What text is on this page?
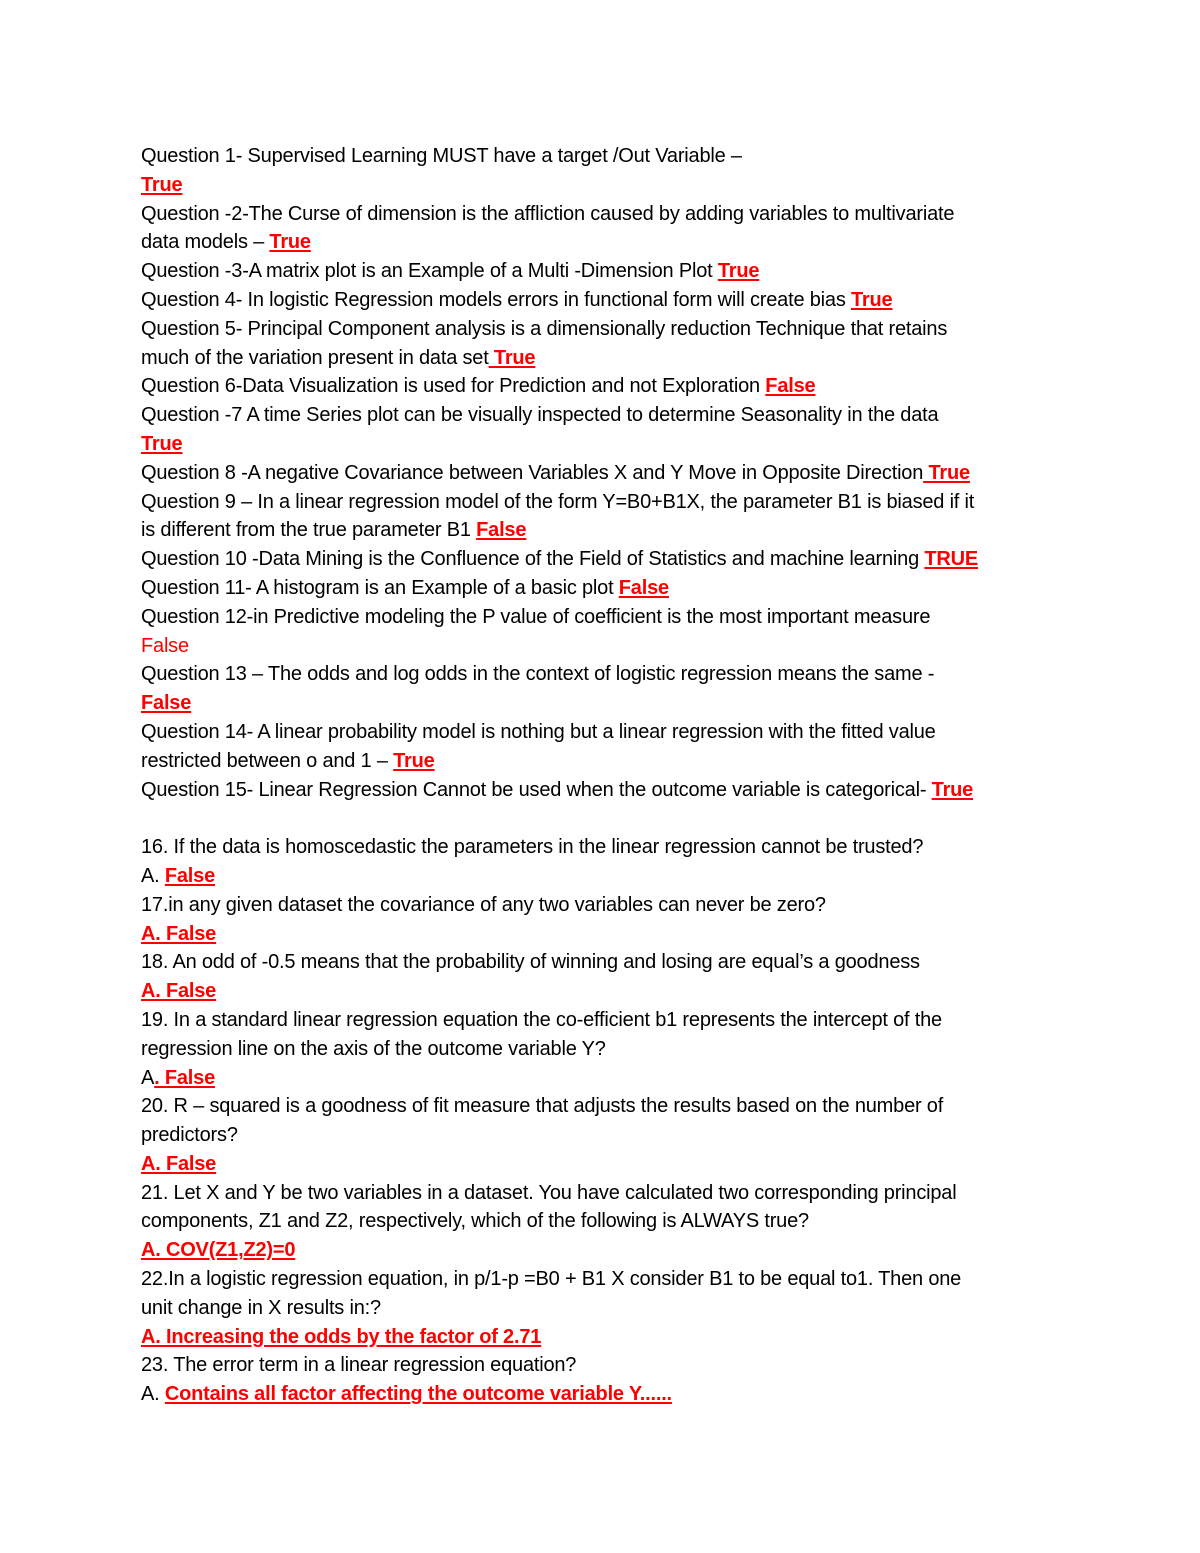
Question 1- Supervised Learning MUST have a target /Out Variable –
True
Question -2-The Curse of dimension is the affliction caused by adding variables to multivariate
data models – True
Question -3-A matrix plot is an Example of a Multi -Dimension Plot True
Question 4- In logistic Regression models errors in functional form will create bias True
Question 5- Principal Component analysis is a dimensionally reduction Technique that retains
much of the variation present in data set True
Question 6-Data Visualization is used for Prediction and not Exploration False
Question -7 A time Series plot can be visually inspected to determine Seasonality in the data
True
Question 8 -A negative Covariance between Variables X and Y Move in Opposite Direction True
Question 9 – In a linear regression model of the form Y=B0+B1X, the parameter B1 is biased if it
is different from the true parameter B1 False
Question 10 -Data Mining is the Confluence of the Field of Statistics and machine learning TRUE
Question 11- A histogram is an Example of a basic plot False
Question 12-in Predictive modeling the P value of coefficient is the most important measure
False
Question 13 – The odds and log odds in the context of logistic regression means the same -
False
Question 14- A linear probability model is nothing but a linear regression with the fitted value
restricted between o and 1 – True
Question 15- Linear Regression Cannot be used when the outcome variable is categorical- True
16. If the data is homoscedastic the parameters in the linear regression cannot be trusted?
A. False
17.in any given dataset the covariance of any two variables can never be zero?
A. False
18. An odd of -0.5 means that the probability of winning and losing are equal’s a goodness
A. False
19. In a standard linear regression equation the co-efficient b1 represents the intercept of the
regression line on the axis of the outcome variable Y?
A. False
20. R – squared is a goodness of fit measure that adjusts the results based on the number of
predictors?
A. False
21. Let X and Y be two variables in a dataset. You have calculated two corresponding principal
components, Z1 and Z2, respectively, which of the following is ALWAYS true?
A. COV(Z1,Z2)=0
22.In a logistic regression equation, in p/1-p =B0 + B1 X consider B1 to be equal to1. Then one
unit change in X results in:?
A. Increasing the odds by the factor of 2.71
23. The error term in a linear regression equation?
A. Contains all factor affecting the outcome variable Y......
